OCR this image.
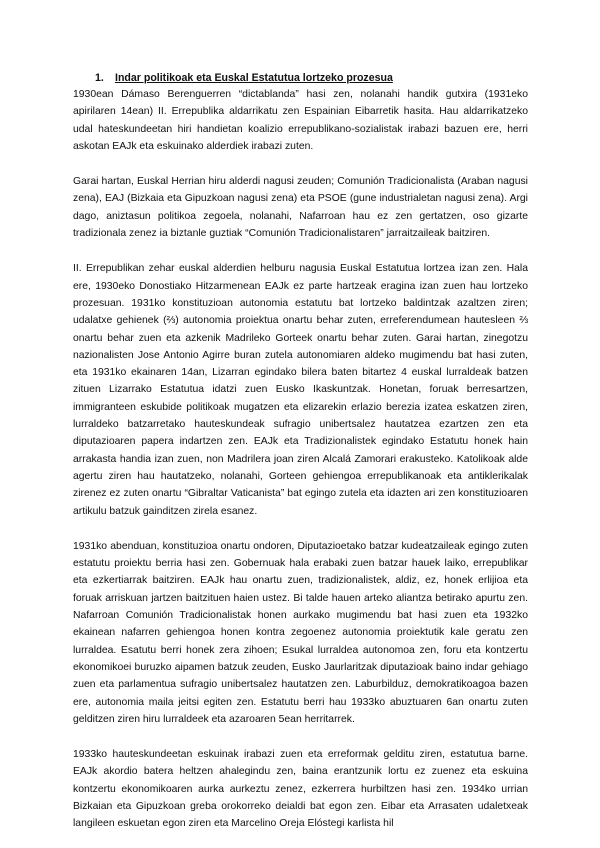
1. Indar politikoak eta Euskal Estatutua lortzeko prozesua

1930ean Dámaso Berenguerren “dictablanda” hasi zen, nolanahi handik gutxira (1931eko apirilaren 14ean) II. Errepublika aldarrikatu zen Espainian Eibarretik hasita. Hau aldarrikatzeko udal hateskundeetan hiri handietan koalizio errepublikano-sozialistak irabazi bazuen ere, herri askotan EAJk eta eskuinako alderdiek irabazi zuten.

Garai hartan, Euskal Herrian hiru alderdi nagusi zeuden; Comunión Tradicionalista (Araban nagusi zena), EAJ (Bizkaia eta Gipuzkoan nagusi zena) eta PSOE (gune industrialetan nagusi zena). Argi dago, aniztasun politikoa zegoela, nolanahi, Nafarroan hau ez zen gertatzen, oso gizarte tradizionala zenez ia biztanle guztiak “Comunión Tradicionalistaren” jarraitzaileak baitziren.

II. Errepublikan zehar euskal alderdien helburu nagusia Euskal Estatutua lortzea izan zen. Hala ere, 1930eko Donostiako Hitzarmenean EAJk ez parte hartzeak eragina izan zuen hau lortzeko prozesuan. 1931ko konstituzioan autonomia estatutu bat lortzeko baldintzak azaltzen ziren; udalatxe gehienek (⅔) autonomia proiektua onartu behar zuten, erreferendumean hautesleen ⅔ onartu behar zuen eta azkenik Madrileko Gorteek onartu behar zuten. Garai hartan, zinegotzu nazionalisten Jose Antonio Agirre buran zutela autonomiaren aldeko mugimendu bat hasi zuten, eta 1931ko ekainaren 14an, Lizarran egindako bilera baten bitartez 4 euskal lurraldeak batzen zituen Lizarrako Estatutua idatzi zuen Eusko Ikaskuntzak. Honetan, foruak berresartzen, immigranteen eskubide politikoak mugatzen eta elizarekin erlazio berezia izatea eskatzen ziren, lurraldeko batzarretako hauteskundeak sufragio unibertsalez hautatzea ezartzen zen eta diputazioaren papera indartzen zen. EAJk eta Tradizionalistek egindako Estatutu honek hain arrakasta handia izan zuen, non Madrilera joan ziren Alcalá Zamorari erakusteko. Katolikoak alde agertu ziren hau hautatzeko, nolanahi, Gorteen gehiengoa errepublikanoak eta antiklerikalak zirenez ez zuten onartu “Gibraltar Vaticanista” bat egingo zutela eta idazten ari zen konstituzioaren artikulu batzuk gainditzen zirela esanez.

1931ko abenduan, konstituzioa onartu ondoren, Diputazioetako batzar kudeatzaileak egingo zuten estatutu proiektu berria hasi zen. Gobernuak hala erabaki zuen batzar hauek laiko, errepublikar eta ezkertiarrak baitziren. EAJk hau onartu zuen, tradizionalistek, aldiz, ez, honek erlijioa eta foruak arriskuan jartzen baitzituen haien ustez. Bi talde hauen arteko aliantza betirako apurtu zen. Nafarroan Comunión Tradicionalistak honen aurkako mugimendu bat hasi zuen eta 1932ko ekainean nafarren gehiengoa honen kontra zegoenez autonomia proiektutik kale geratu zen lurraldea. Esatutu berri honek zera zihoen; Esukal lurraldea autonomoa zen, foru eta kontzertu ekonomikoei buruzko aipamen batzuk zeuden, Eusko Jaurlaritzak diputazioak baino indar gehiago zuen eta parlamentua sufragio unibertsalez hautatzen zen. Laburbilduz, demokratikoagoa bazen ere, autonomia maila jeitsi egiten zen. Estatutu berri hau 1933ko abuztuaren 6an onartu zuten gelditzen ziren hiru lurraldeek eta azaroaren 5ean herritarrek.

1933ko hauteskundeetan eskuinak irabazi zuen eta erreformak gelditu ziren, estatutua barne. EAJk akordio batera heltzen ahalegindu zen, baina erantzunik lortu ez zuenez eta eskuina kontzertu ekonomikoaren aurka aurkeztu zenez, ezkerrera hurbiltzen hasi zen. 1934ko urrian Bizkaian eta Gipuzkoan greba orokorreko deialdi bat egon zen. Eibar eta Arrasaten udaletxeak langileen eskuetan egon ziren eta Marcelino Oreja Elóstegi karlista hil
